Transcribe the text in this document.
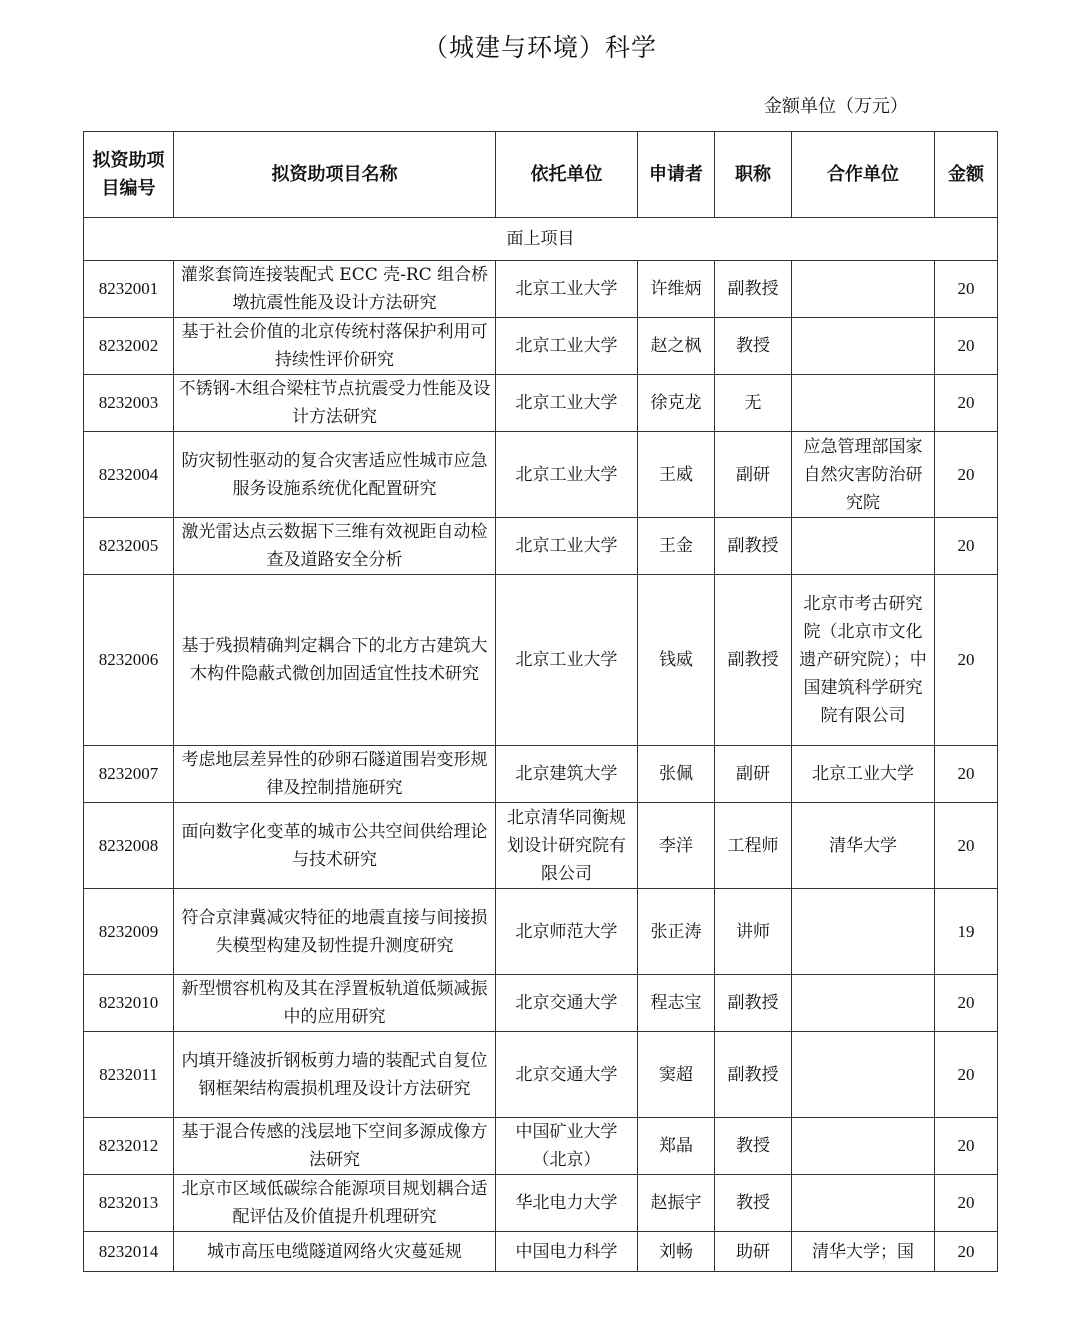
（城建与环境）科学
金额单位（万元）
拟资助项目编号	拟资助项目名称	依托单位	申请者	职称	合作单位	金额
面上项目						
8232001	灌浆套筒连接装配式 ECC 壳-RC 组合桥墩抗震性能及设计方法研究	北京工业大学	许维炳	副教授		20
8232002	基于社会价值的北京传统村落保护利用可持续性评价研究	北京工业大学	赵之枫	教授		20
8232003	不锈钢-木组合梁柱节点抗震受力性能及设计方法研究	北京工业大学	徐克龙	无		20
8232004	防灾韧性驱动的复合灾害适应性城市应急服务设施系统优化配置研究	北京工业大学	王威	副研	应急管理部国家自然灾害防治研究院	20
8232005	激光雷达点云数据下三维有效视距自动检查及道路安全分析	北京工业大学	王金	副教授		20
8232006	基于残损精确判定耦合下的北方古建筑大木构件隐蔽式微创加固适宜性技术研究	北京工业大学	钱威	副教授	北京市考古研究院（北京市文化遗产研究院）；中国建筑科学研究院有限公司	20
8232007	考虑地层差异性的砂卵石隧道围岩变形规律及控制措施研究	北京建筑大学	张佩	副研	北京工业大学	20
8232008	面向数字化变革的城市公共空间供给理论与技术研究	北京清华同衡规划设计研究院有限公司	李洋	工程师	清华大学	20
8232009	符合京津冀减灾特征的地震直接与间接损失模型构建及韧性提升测度研究	北京师范大学	张正涛	讲师		19
8232010	新型惯容机构及其在浮置板轨道低频减振中的应用研究	北京交通大学	程志宝	副教授		20
8232011	内填开缝波折钢板剪力墙的装配式自复位钢框架结构震损机理及设计方法研究	北京交通大学	窦超	副教授		20
8232012	基于混合传感的浅层地下空间多源成像方法研究	中国矿业大学（北京）	郑晶	教授		20
8232013	北京市区域低碳综合能源项目规划耦合适配评估及价值提升机理研究	华北电力大学	赵振宇	教授		20
8232014	城市高压电缆隧道网络火灾蔓延规	中国电力科学	刘畅	助研	清华大学；国	20
